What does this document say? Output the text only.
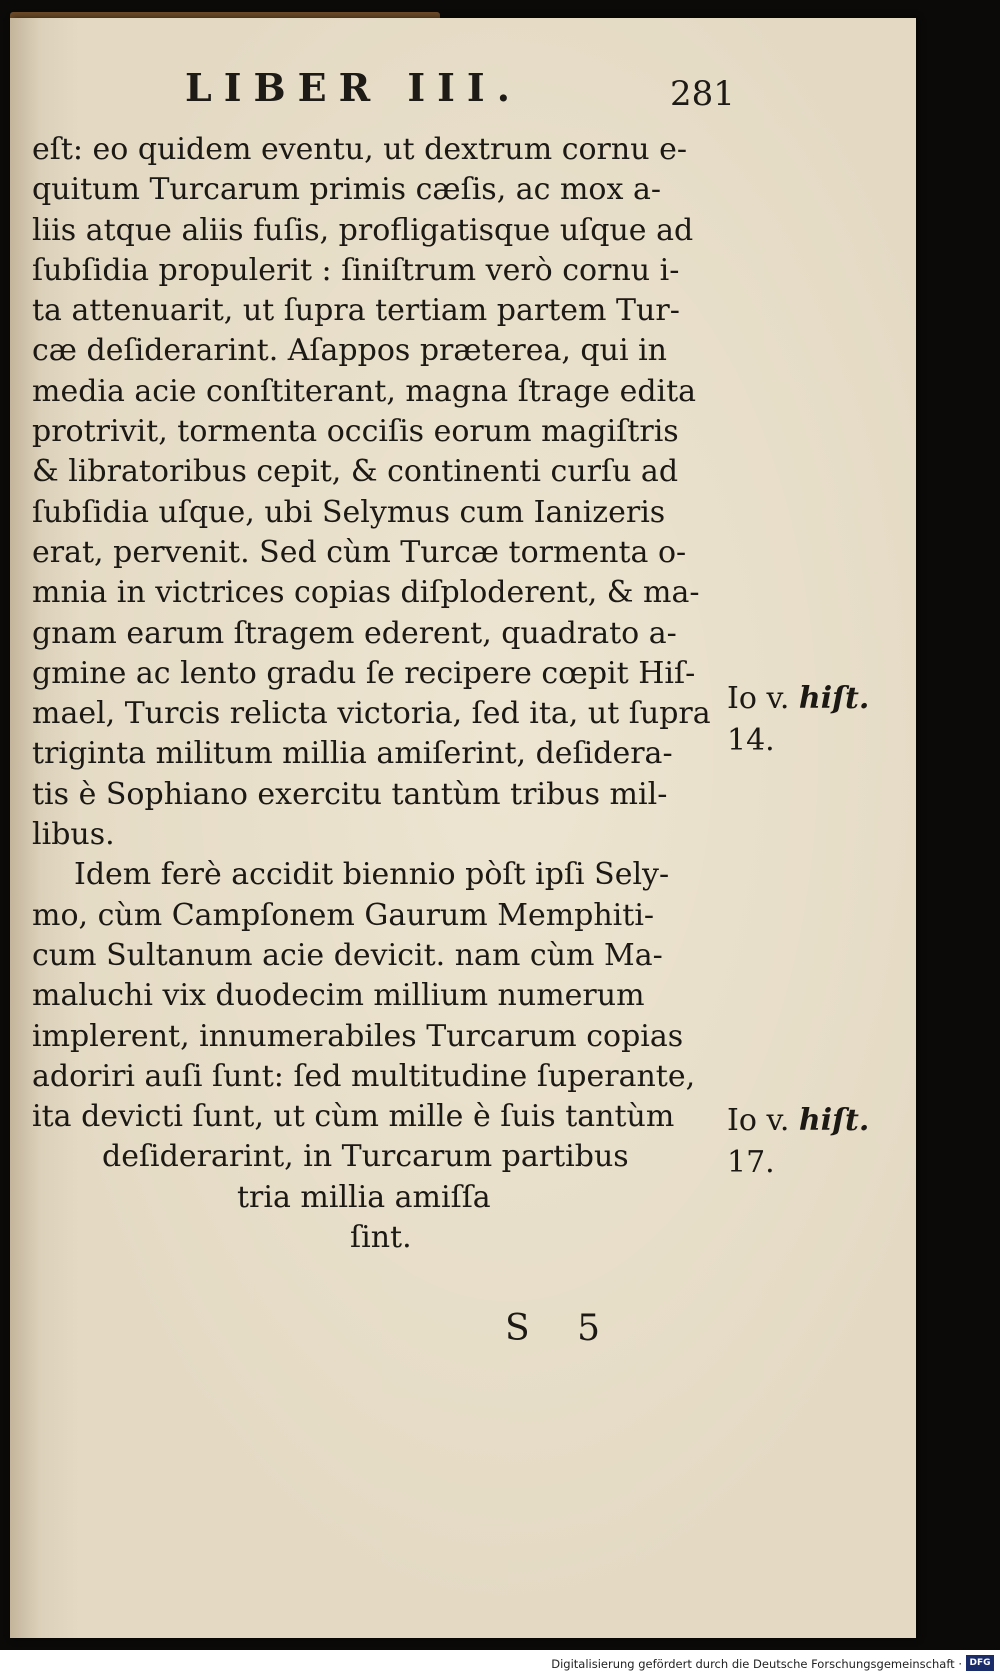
LIBER III.	281
eſt: eo quidem eventu, ut dextrum cornu e-
quitum Turcarum primis cæſis, ac mox a-
liis atque aliis fuſis, profligatisque uſque ad
ſubſidia propulerit : ſiniſtrum verò cornu i-
ta attenuarit, ut ſupra tertiam partem Tur-
cæ deſiderarint. Aſappos præterea, qui in
media acie conſtiterant, magna ſtrage edita
protrivit, tormenta occiſis eorum magiſtris
& libratoribus cepit, & continenti curſu ad
ſubſidia uſque, ubi Selymus cum Ianizeris
erat, pervenit. Sed cùm Turcæ tormenta o-
mnia in victrices copias diſploderent, & ma-
gnam earum ſtragem ederent, quadrato a-
gmine ac lento gradu ſe recipere cœpit Hiſ-
mael, Turcis relicta victoria, ſed ita, ut ſupra
triginta militum millia amiſerint, deſidera-
tis è Sophiano exercitu tantùm tribus mil-
libus.
Idem ferè accidit biennio pòſt ipſi Sely-
mo, cùm Campſonem Gaurum Memphiti-
cum Sultanum acie devicit. nam cùm Ma-
maluchi vix duodecim millium numerum
implerent, innumerabiles Turcarum copias
adoriri auſi ſunt: ſed multitudine ſuperante,
ita devicti ſunt, ut cùm mille è ſuis tantùm
deſiderarint, in Turcarum partibus
tria millia amiſſa
ſint.
Io v. hiſt.
14.
Io v. hiſt.
17.
S 5
Digitalisierung gefördert durch die Deutsche Forschungsgemeinschaft · DFG
